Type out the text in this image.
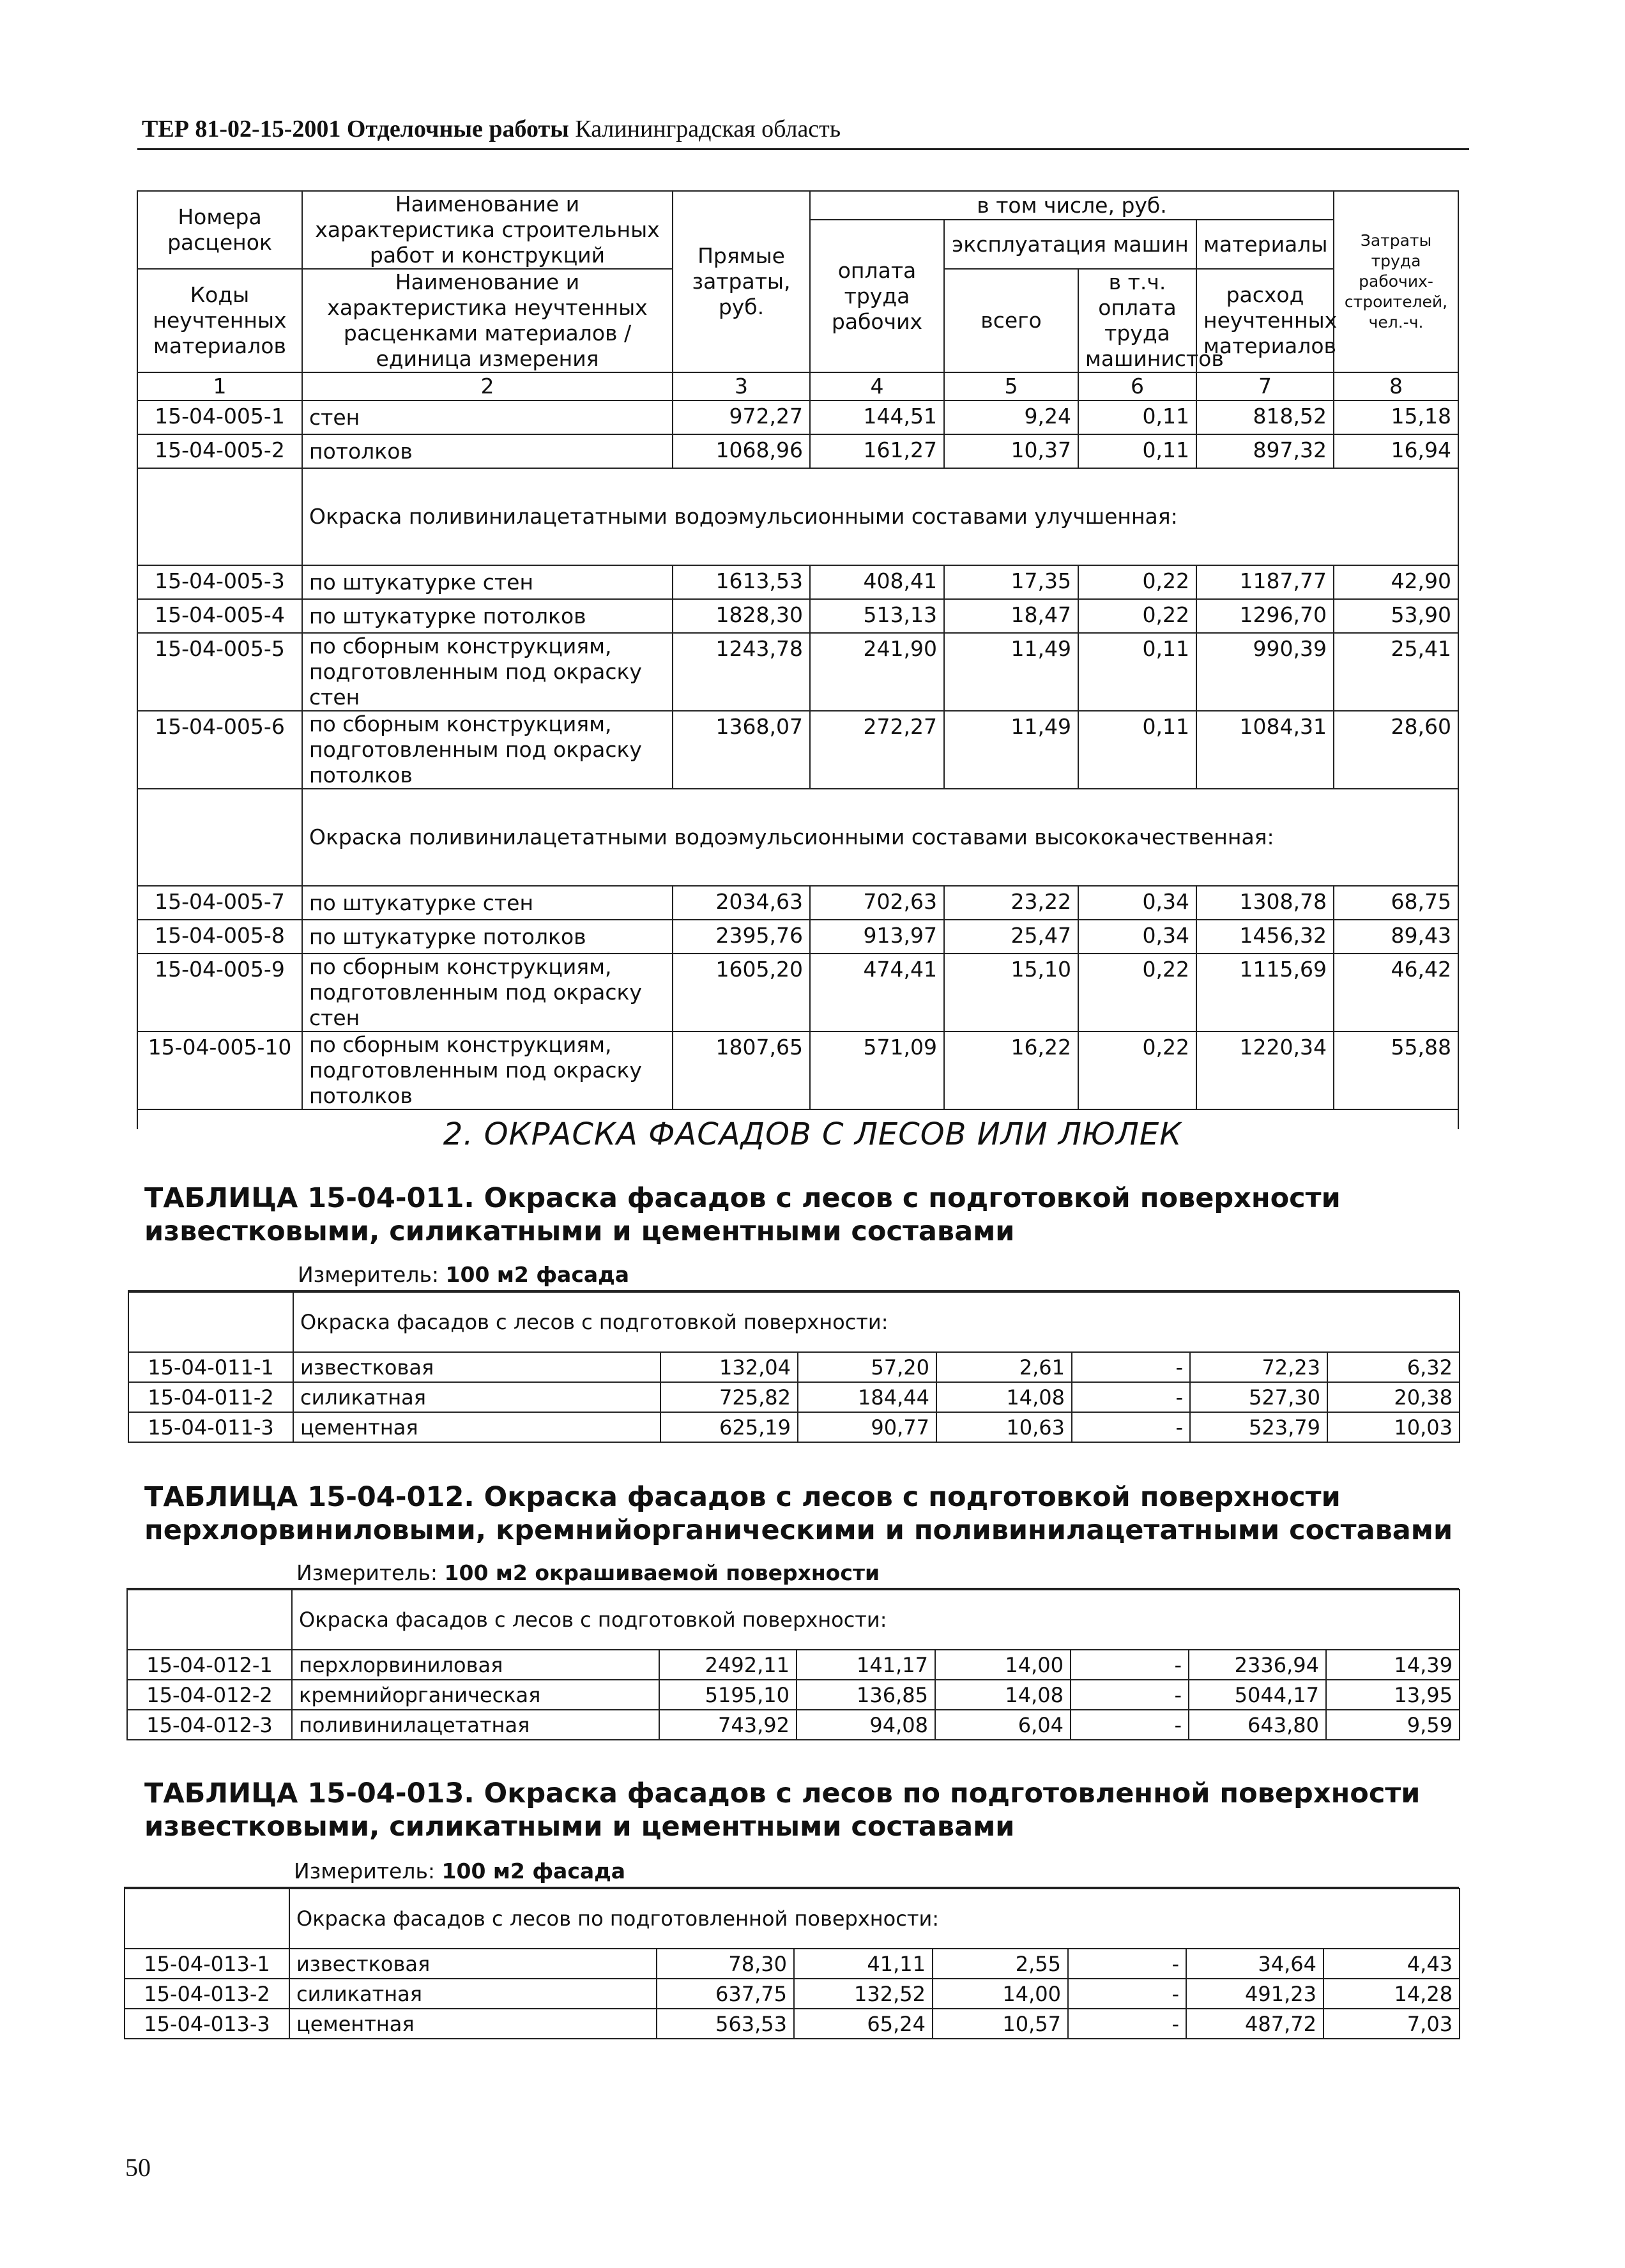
ТЕР 81-02-15-2001 Отделочные работы Калининградская область
Номера расценок	Наименование и характеристика строительных работ и конструкций	Прямые затраты, руб.	в том числе, руб.				Затраты труда рабочих-строителей, чел.-ч.
			оплата труда рабочих	эксплуатация машин		материалы	
Коды неучтенных материалов	Наименование и характеристика неучтенных расценками материалов / единица измерения			всего	в т.ч. оплата труда машинистов	расход неучтенных материалов	
1	2	3	4	5	6	7	8
15-04-005-1	стен	972,27	144,51	9,24	0,11	818,52	15,18
15-04-005-2	потолков	1068,96	161,27	10,37	0,11	897,32	16,94
	Окраска поливинилацетатными водоэмульсионными составами улучшенная:						
15-04-005-3	по штукатурке стен	1613,53	408,41	17,35	0,22	1187,77	42,90
15-04-005-4	по штукатурке потолков	1828,30	513,13	18,47	0,22	1296,70	53,90
15-04-005-5	по сборным конструкциям, подготовленным под окраску стен	1243,78	241,90	11,49	0,11	990,39	25,41
15-04-005-6	по сборным конструкциям, подготовленным под окраску потолков	1368,07	272,27	11,49	0,11	1084,31	28,60
	Окраска поливинилацетатными водоэмульсионными составами высококачественная:						
15-04-005-7	по штукатурке стен	2034,63	702,63	23,22	0,34	1308,78	68,75
15-04-005-8	по штукатурке потолков	2395,76	913,97	25,47	0,34	1456,32	89,43
15-04-005-9	по сборным конструкциям, подготовленным под окраску стен	1605,20	474,41	15,10	0,22	1115,69	46,42
15-04-005-10	по сборным конструкциям, подготовленным под окраску потолков	1807,65	571,09	16,22	0,22	1220,34	55,88

2. ОКРАСКА ФАСАДОВ С ЛЕСОВ ИЛИ ЛЮЛЕК
ТАБЛИЦА 15-04-011. Окраска фасадов с лесов с подготовкой поверхности известковыми, силикатными и цементными составами
Измеритель: 100 м2 фасада
	Окраска фасадов с лесов с подготовкой поверхности:						
15-04-011-1	известковая	132,04	57,20	2,61	-	72,23	6,32
15-04-011-2	силикатная	725,82	184,44	14,08	-	527,30	20,38
15-04-011-3	цементная	625,19	90,77	10,63	-	523,79	10,03
ТАБЛИЦА 15-04-012. Окраска фасадов с лесов с подготовкой поверхности перхлорвиниловыми, кремнийорганическими и поливинилацетатными составами
Измеритель: 100 м2 окрашиваемой поверхности
	Окраска фасадов с лесов с подготовкой поверхности:						
15-04-012-1	перхлорвиниловая	2492,11	141,17	14,00	-	2336,94	14,39
15-04-012-2	кремнийорганическая	5195,10	136,85	14,08	-	5044,17	13,95
15-04-012-3	поливинилацетатная	743,92	94,08	6,04	-	643,80	9,59
ТАБЛИЦА 15-04-013. Окраска фасадов с лесов по подготовленной поверхности известковыми, силикатными и цементными составами
Измеритель: 100 м2 фасада
	Окраска фасадов с лесов по подготовленной поверхности:						
15-04-013-1	известковая	78,30	41,11	2,55	-	34,64	4,43
15-04-013-2	силикатная	637,75	132,52	14,00	-	491,23	14,28
15-04-013-3	цементная	563,53	65,24	10,57	-	487,72	7,03
50
